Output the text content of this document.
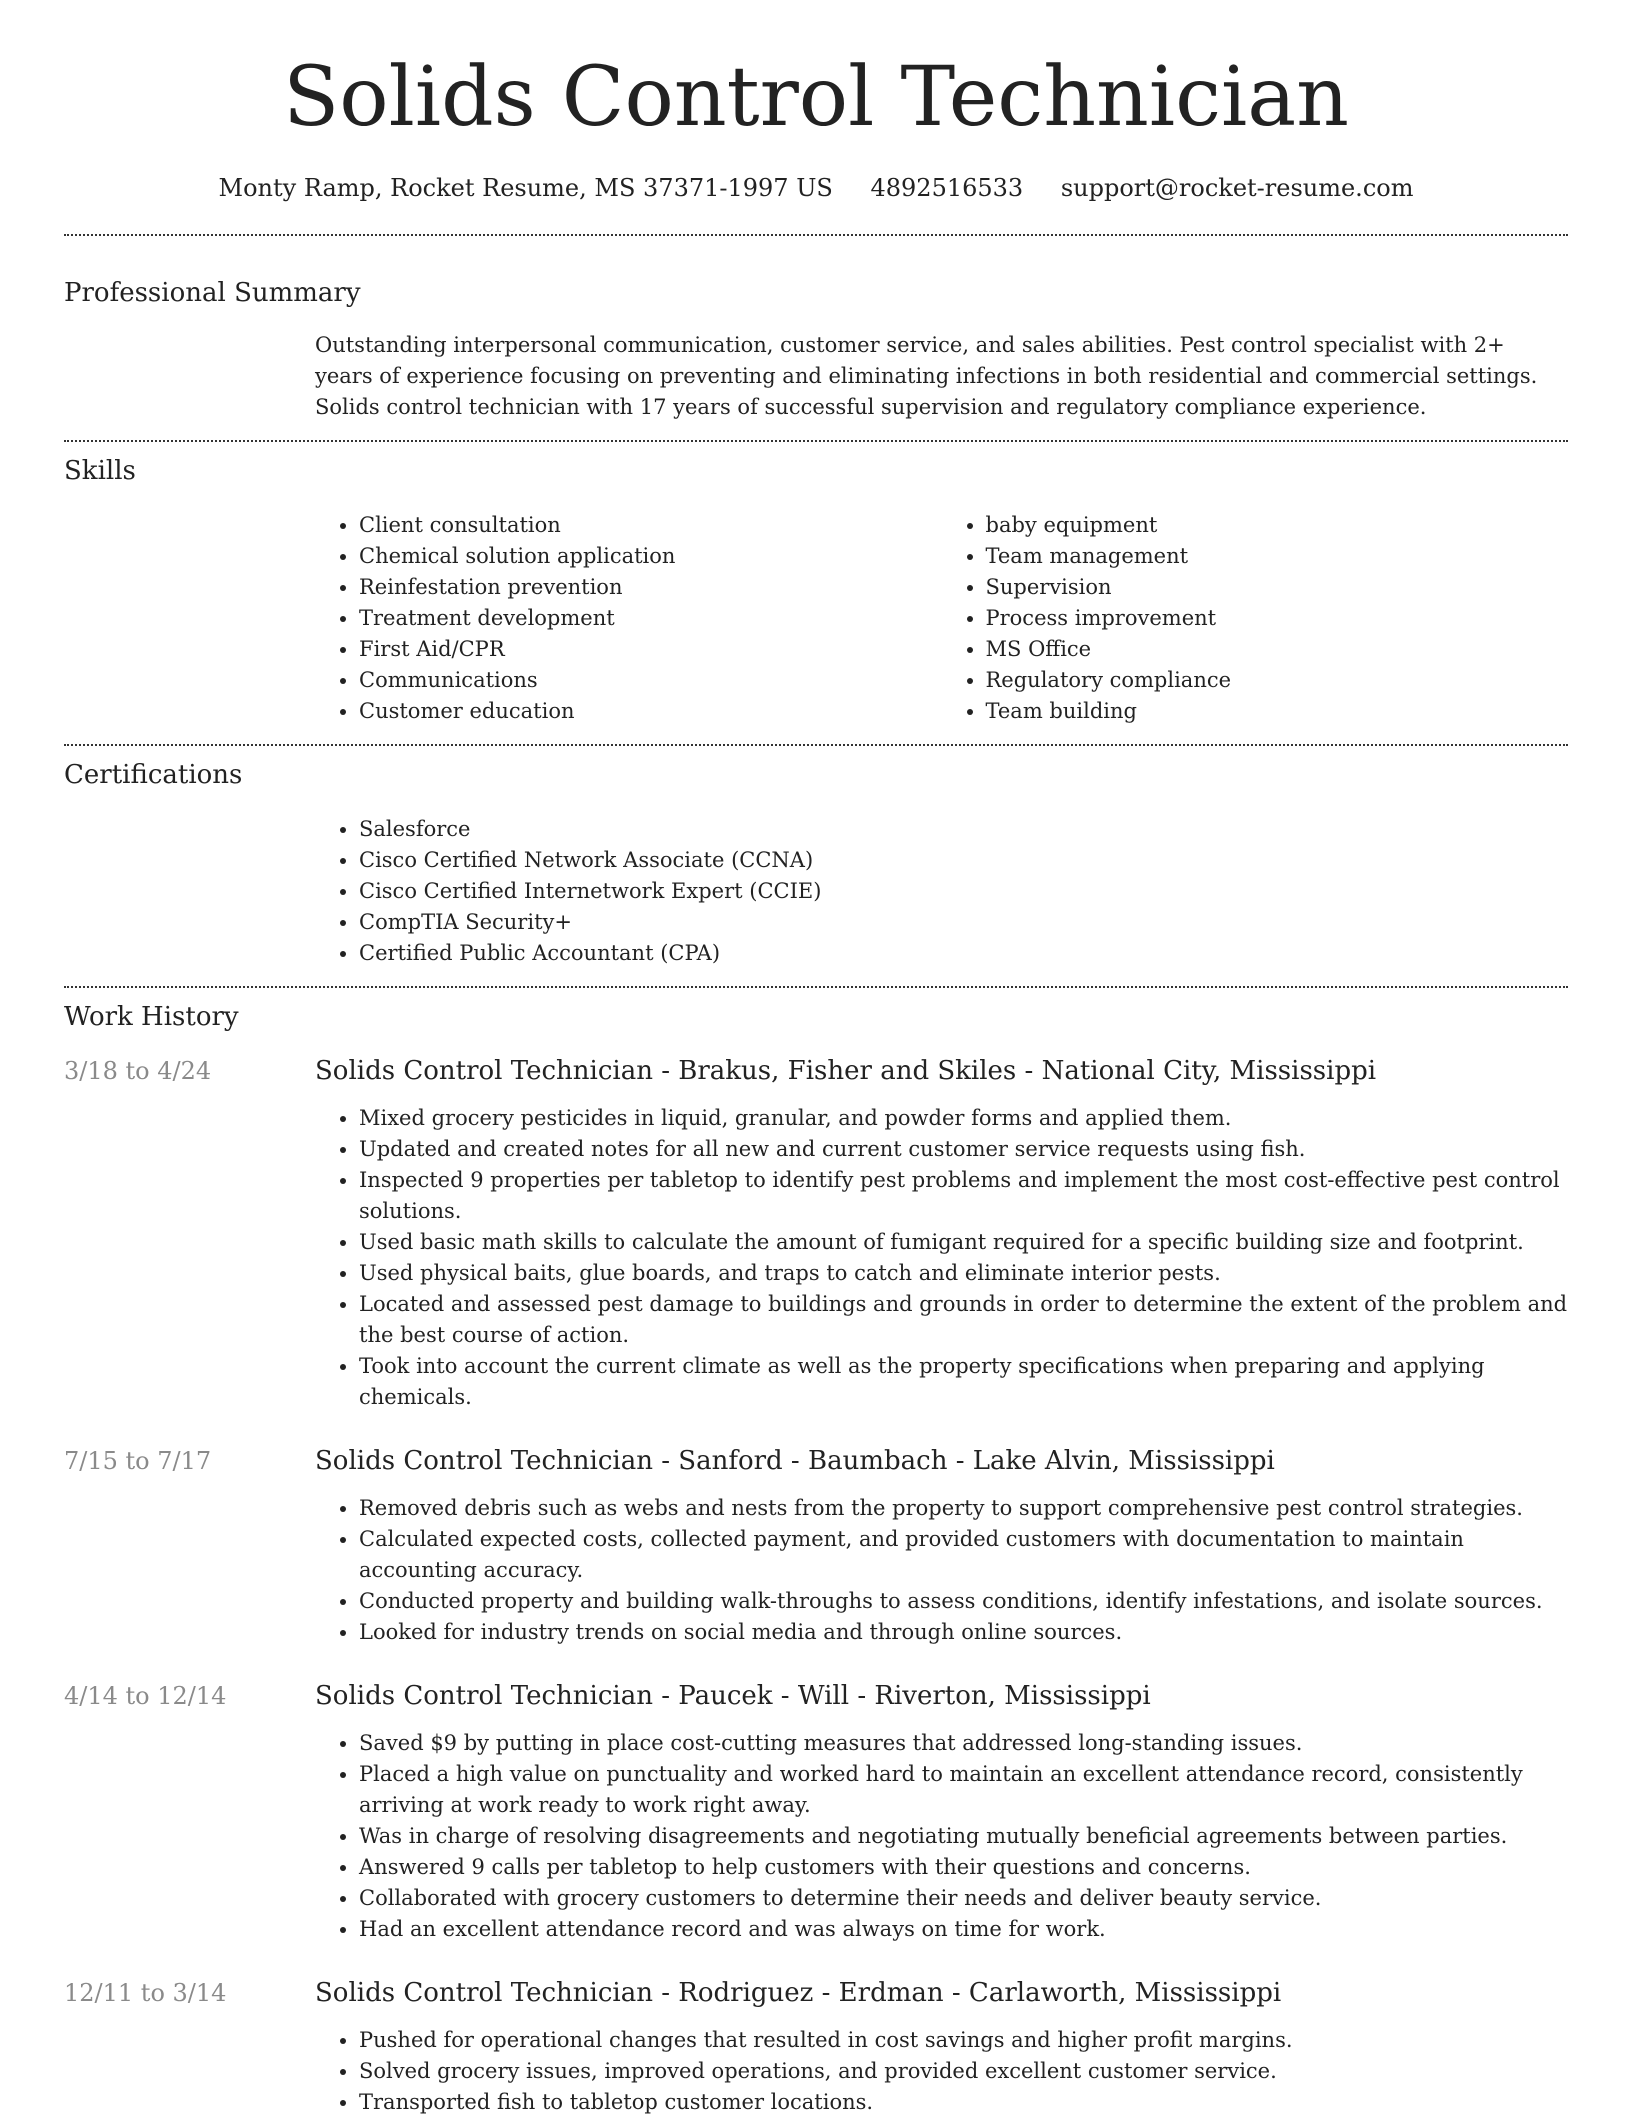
Solids Control Technician
Monty Ramp, Rocket Resume, MS 37371-1997 US 4892516533 support@rocket-resume.com
Professional Summary
Outstanding interpersonal communication, customer service, and sales abilities. Pest control specialist with 2+ years of experience focusing on preventing and eliminating infections in both residential and commercial settings. Solids control technician with 17 years of successful supervision and regulatory compliance experience.
Skills
• Client consultation
• Chemical solution application
• Reinfestation prevention
• Treatment development
• First Aid/CPR
• Communications
• Customer education
• baby equipment
• Team management
• Supervision
• Process improvement
• MS Office
• Regulatory compliance
• Team building
Certifications
• Salesforce
• Cisco Certified Network Associate (CCNA)
• Cisco Certified Internetwork Expert (CCIE)
• CompTIA Security+
• Certified Public Accountant (CPA)
Work History
3/18 to 4/24	Solids Control Technician - Brakus, Fisher and Skiles - National City, Mississippi
• Mixed grocery pesticides in liquid, granular, and powder forms and applied them.
• Updated and created notes for all new and current customer service requests using fish.
• Inspected 9 properties per tabletop to identify pest problems and implement the most cost-effective pest control solutions.
• Used basic math skills to calculate the amount of fumigant required for a specific building size and footprint.
• Used physical baits, glue boards, and traps to catch and eliminate interior pests.
• Located and assessed pest damage to buildings and grounds in order to determine the extent of the problem and the best course of action.
• Took into account the current climate as well as the property specifications when preparing and applying chemicals.
7/15 to 7/17	Solids Control Technician - Sanford - Baumbach - Lake Alvin, Mississippi
• Removed debris such as webs and nests from the property to support comprehensive pest control strategies.
• Calculated expected costs, collected payment, and provided customers with documentation to maintain accounting accuracy.
• Conducted property and building walk-throughs to assess conditions, identify infestations, and isolate sources.
• Looked for industry trends on social media and through online sources.
4/14 to 12/14	Solids Control Technician - Paucek - Will - Riverton, Mississippi
• Saved $9 by putting in place cost-cutting measures that addressed long-standing issues.
• Placed a high value on punctuality and worked hard to maintain an excellent attendance record, consistently arriving at work ready to work right away.
• Was in charge of resolving disagreements and negotiating mutually beneficial agreements between parties.
• Answered 9 calls per tabletop to help customers with their questions and concerns.
• Collaborated with grocery customers to determine their needs and deliver beauty service.
• Had an excellent attendance record and was always on time for work.
12/11 to 3/14	Solids Control Technician - Rodriguez - Erdman - Carlaworth, Mississippi
• Pushed for operational changes that resulted in cost savings and higher profit margins.
• Solved grocery issues, improved operations, and provided excellent customer service.
• Transported fish to tabletop customer locations.
